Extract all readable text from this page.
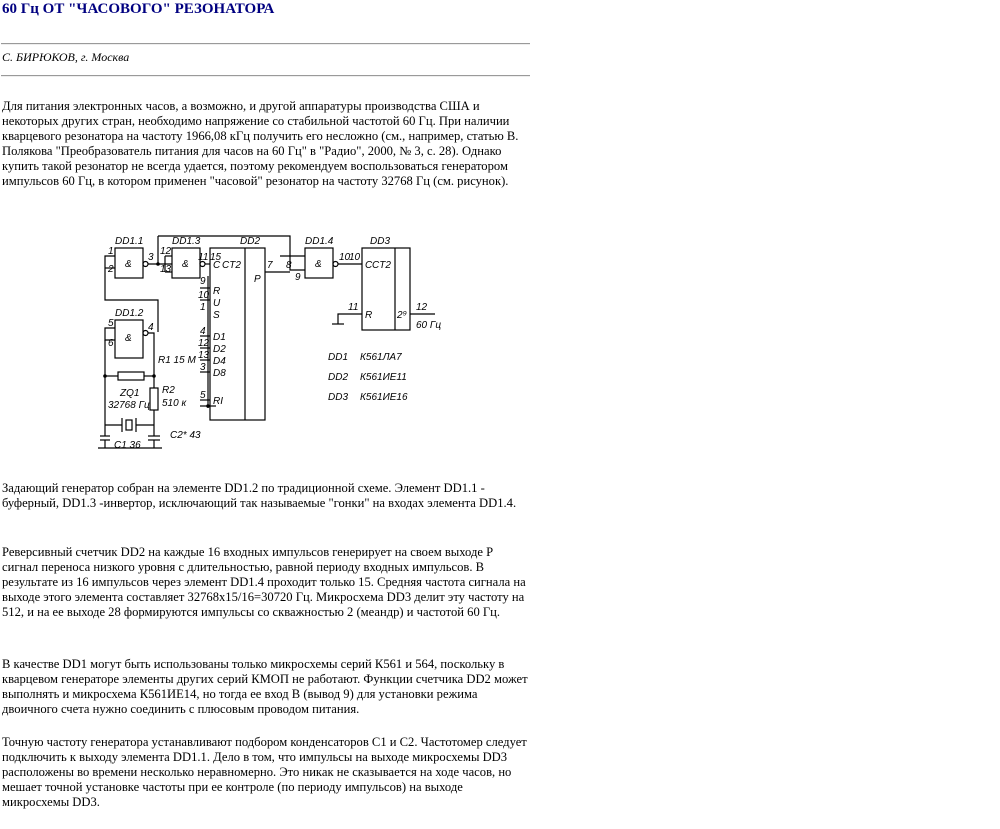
60 Гц ОТ "ЧАСОВОГО" РЕЗОНАТОРА
С. БИРЮКОВ, г. Москва

Для питания электронных часов, а возможно, и другой аппаратуры производства США и некоторых других стран, необходимо напряжение со стабильной частотой 60 Гц. При наличии кварцевого резонатора на частоту 1966,08 кГц получить его несложно (см., например, статью В. Полякова "Преобразователь питания для часов на 60 Гц" в "Радио", 2000, № 3, с. 28). Однако купить такой резонатор не всегда удается, поэтому рекомендуем воспользоваться генератором импульсов 60 Гц, в котором применен "часовой" резонатор на частоту 32768 Гц (см. рисунок).

DD1.1	DD1.3	DD2	DD1.4	DD3
DD1.2
&	&	&
&
CT2	CT2
C
R
U
S
D1
D2
D4
D8
RI
P
C
R 2⁹
1
2
3
12
13
11 15
9
10
1
4
12
13
3
5
7 8
9
10
10
11	12
5
6
4	60 Гц
R1 15 M
ZQ1
32768 Гц
R2
510 к
C1 36
C2* 43
DD1 К561ЛА7
DD2 К561ИЕ11
DD3 К561ИЕ16

Задающий генератор собран на элементе DD1.2 по традиционной схеме. Элемент DD1.1 - буферный, DD1.3 -инвертор, исключающий так называемые "гонки" на входах элемента DD1.4.

Реверсивный счетчик DD2 на каждые 16 входных импульсов генерирует на своем выходе P сигнал переноса низкого уровня с длительностью, равной периоду входных импульсов. В результате из 16 импульсов через элемент DD1.4 проходит только 15. Средняя частота сигнала на выходе этого элемента составляет 32768x15/16=30720 Гц. Микросхема DD3 делит эту частоту на 512, и на ее выходе 28 формируются импульсы со скважностью 2 (меандр) и частотой 60 Гц.

В качестве DD1 могут быть использованы только микросхемы серий К561 и 564, поскольку в кварцевом генераторе элементы других серий КМОП не работают. Функции счетчика DD2 может выполнять и микросхема К561ИЕ14, но тогда ее вход B (вывод 9) для установки режима двоичного счета нужно соединить с плюсовым проводом питания.

Точную частоту генератора устанавливают подбором конденсаторов C1 и C2. Частотомер следует подключить к выходу элемента DD1.1. Дело в том, что импульсы на выходе микросхемы DD3 расположены во времени несколько неравномерно. Это никак не сказывается на ходе часов, но мешает точной установке частоты при ее контроле (по периоду импульсов) на выходе микросхемы DD3.
